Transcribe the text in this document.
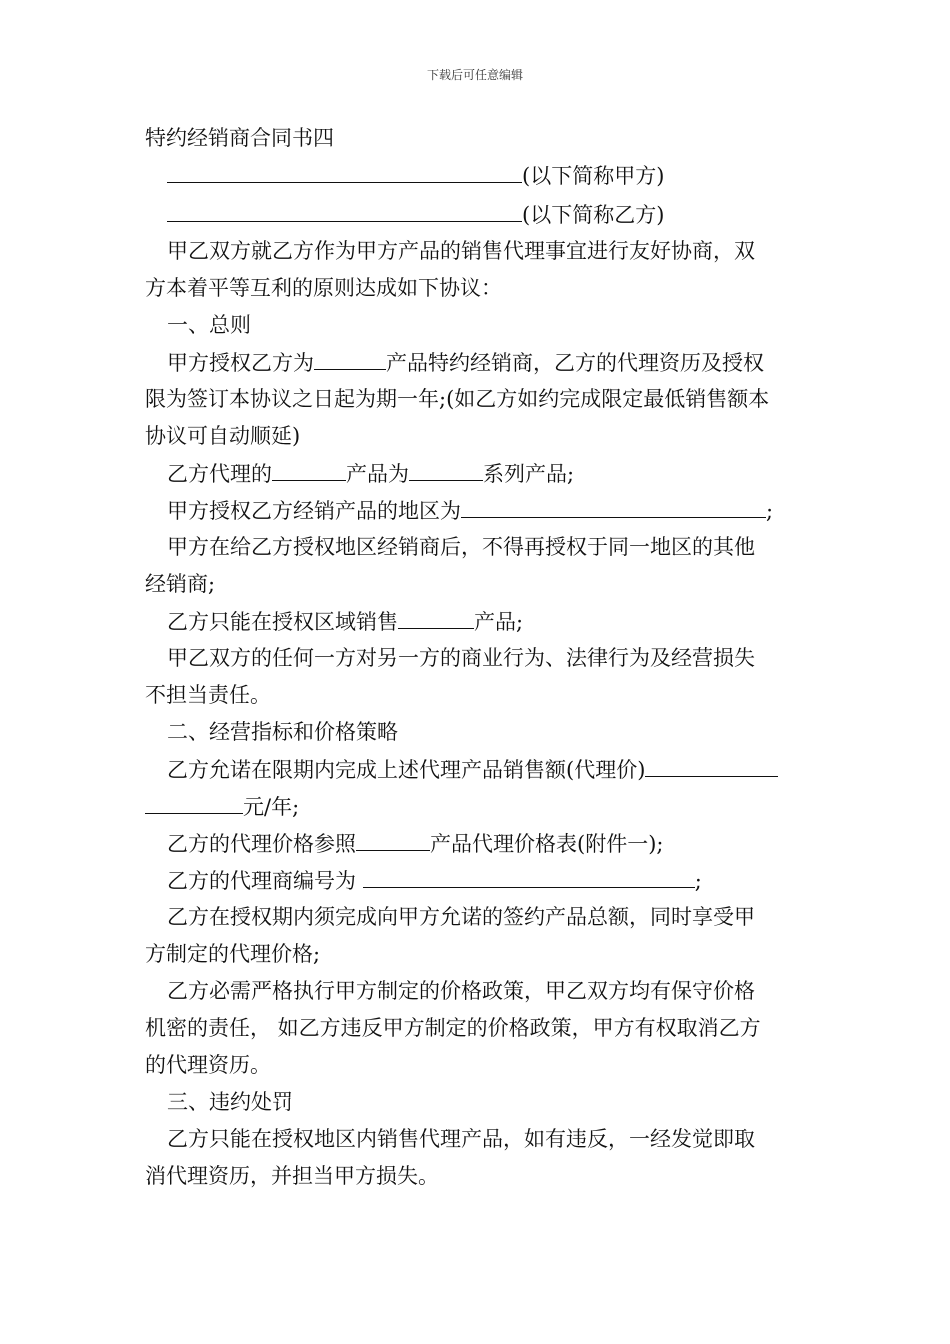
下载后可任意编辑
特约经销商合同书四
(以下简称甲方)
(以下简称乙方)
甲乙双方就乙方作为甲方产品的销售代理事宜进行友好协商，双
方本着平等互利的原则达成如下协议：
一、总则
甲方授权乙方为	产品特约经销商，乙方的代理资历及授权
限为签订本协议之日起为期一年;(如乙方如约完成限定最低销售额本
协议可自动顺延)
乙方代理的	产品为	系列产品;
甲方授权乙方经销产品的地区为	;
甲方在给乙方授权地区经销商后，不得再授权于同一地区的其他
经销商;
乙方只能在授权区域销售	产品;
甲乙双方的任何一方对另一方的商业行为、法律行为及经营损失
不担当责任。
二、经营指标和价格策略
乙方允诺在限期内完成上述代理产品销售额(代理价)
元/年;
乙方的代理价格参照	产品代理价格表(附件一);
乙方的代理商编号为	;
乙方在授权期内须完成向甲方允诺的签约产品总额，同时享受甲
方制定的代理价格;
乙方必需严格执行甲方制定的价格政策，甲乙双方均有保守价格
机密的责任， 如乙方违反甲方制定的价格政策，甲方有权取消乙方
的代理资历。
三、违约处罚
乙方只能在授权地区内销售代理产品，如有违反，一经发觉即取
消代理资历，并担当甲方损失。
